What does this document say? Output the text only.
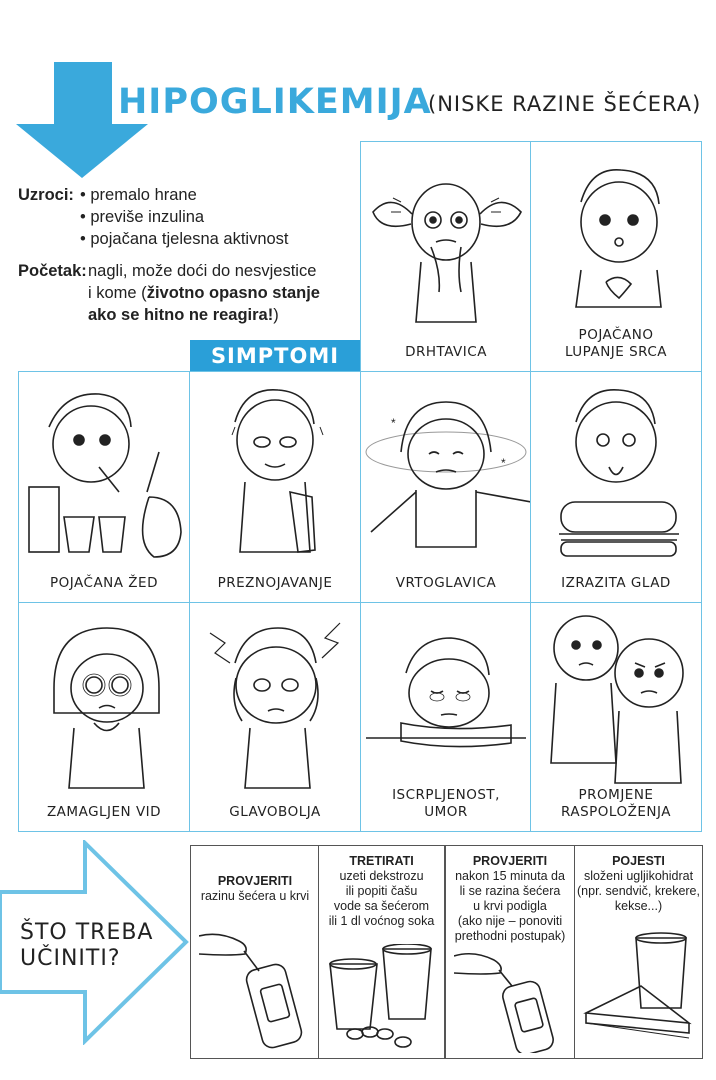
HIPOGLIKEMIJA
(NISKE RAZINE ŠEĆERA)
Uzroci: • premalo hrane
• previše inzulina
• pojačana tjelesna aktivnost
Početak: nagli, može doći do nesvjestice
i kome (životno opasno stanje
ako se hitno ne reagira!)
SIMPTOMI	DRHTAVICA
POJAČANO
LUPANJE SRCA
POJAČANA ŽED	PREZNOJAVANJE
*
*
VRTOGLAVICA	IZRAZITA GLAD
ZAMAGLJEN VID	GLAVOBOLJA
ISCRPLJENOST,
UMOR
PROMJENE
RASPOLOŽENJA
ŠTO TREBA
UČINITI?
PROVJERITI
razinu šećera u krvi
TRETIRATI
uzeti dekstrozu
ili popiti čašu
vode sa šećerom
ili 1 dl voćnog soka
PROVJERITI
nakon 15 minuta da
li se razina šećera
u krvi podigla
(ako nije – ponoviti
prethodni postupak)
POJESTI
složeni ugljikohidrat
(npr. sendvič, krekere,
kekse...)
